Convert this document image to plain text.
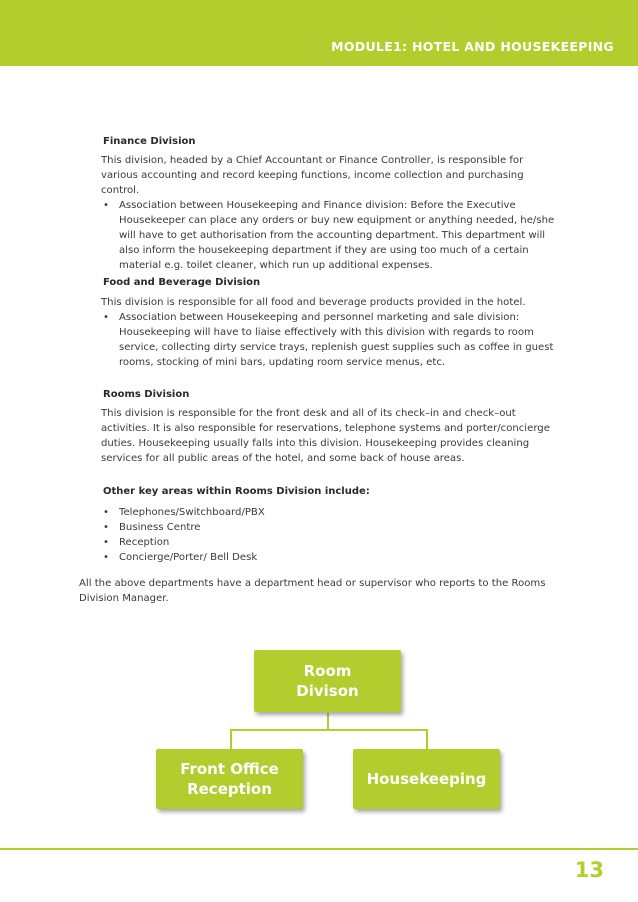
MODULE1: HOTEL AND HOUSEKEEPING
Finance Division

This division, headed by a Chief Accountant or Finance Controller, is responsible for various accounting and record keeping functions, income collection and purchasing control.

• Association between Housekeeping and Finance division: Before the Executive Housekeeper can place any orders or buy new equipment or anything needed, he/she will have to get authorisation from the accounting department. This department will also inform the housekeeping department if they are using too much of a certain material e.g. toilet cleaner, which run up additional expenses.
Food and Beverage Division

This division is responsible for all food and beverage products provided in the hotel.

• Association between Housekeeping and personnel marketing and sale division: Housekeeping will have to liaise effectively with this division with regards to room service, collecting dirty service trays, replenish guest supplies such as coffee in guest rooms, stocking of mini bars, updating room service menus, etc.
Rooms Division

This division is responsible for the front desk and all of its check–in and check–out activities. It is also responsible for reservations, telephone systems and porter/concierge duties. Housekeeping usually falls into this division. Housekeeping provides cleaning services for all public areas of the hotel, and some back of house areas.

Other key areas within Rooms Division include:
• Telephones/Switchboard/PBX
• Business Centre
• Reception
• Concierge/Porter/ Bell Desk

All the above departments have a department head or supervisor who reports to the Rooms Division Manager.

Room
Divison
Front Office
Reception
Housekeeping
13
